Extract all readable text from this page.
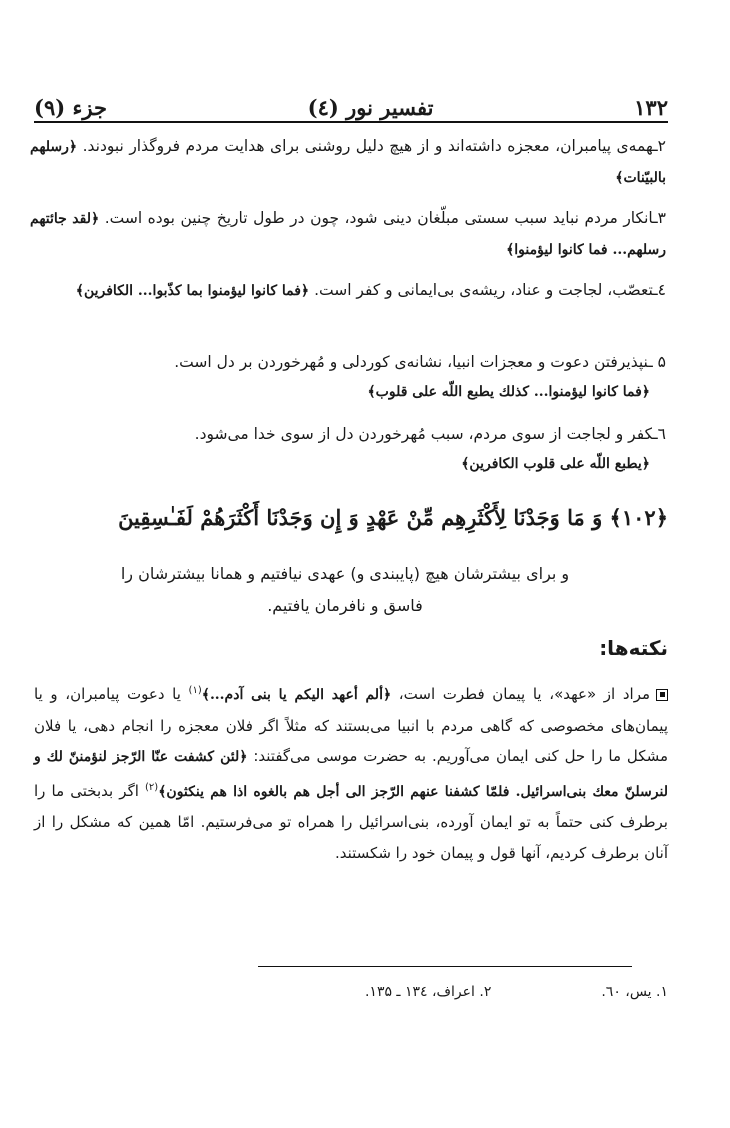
۱۳۲
تفسیر نور (٤)
جزء (۹)
۲ـهمه‌ی پیامبران، معجزه داشته‌اند و از هیچ دلیل روشنی برای هدایت مردم فروگذار نبودند. ﴿رسلهم بالبیّنات﴾
۳ـانکار مردم نباید سبب سستی مبلّغان دینی شود، چون در طول تاریخ چنین بوده است. ﴿لقد جائتهم رسلهم... فما کانوا لیؤمنوا﴾
٤ـتعصّب، لجاجت و عناد، ریشه‌ی بی‌ایمانی و کفر است. ﴿فما کانوا لیؤمنوا بما کذّبوا... الکافرین﴾
۵ ـنپذیرفتن دعوت و معجزات انبیا، نشانه‌ی کوردلی و مُهرخوردن بر دل است.
﴿فما کانوا لیؤمنوا... کذلك یطبع اللّه علی قلوب﴾
٦ـکفر و لجاجت از سوی مردم، سبب مُهرخوردن دل از سوی خدا می‌شود.
﴿یطبع اللّه علی قلوب الکافرین﴾
﴿۱۰۲﴾ وَ مَا وَجَدْنَا لِأَكْثَرِهِم مِّنْ عَهْدٍ وَ إِن وَجَدْنَا أَكْثَرَهُمْ لَفَـٰسِقِينَ
و برای بیشترشان هیچ (پایبندی و) عهدی نیافتیم و همانا بیشترشان را
فاسق و نافرمان یافتیم.
نکته‌ها:
مراد از «عهد»، یا پیمان فطرت است، ﴿ألم أعهد الیکم یا بنی آدم...﴾$^{(۱)}$ یا دعوت پیامبران، و یا پیمان‌های مخصوصی که گاهی مردم با انبیا می‌بستند که مثلاً اگر فلان معجزه را انجام دهی، یا فلان مشکل ما را حل کنی ایمان می‌آوریم. به حضرت موسی می‌گفتند: ﴿لئن کشفت عنّا الرّجز لنؤمننّ لك و لنرسلنّ معك بنی‌اسرائیل. فلمّا کشفنا عنهم الرّجز الی أجل هم بالغوه اذا هم ینکثون﴾$^{(۲)}$ اگر بدبختی ما را برطرف کنی حتماً به تو ایمان آورده، بنی‌اسرائیل را همراه تو می‌فرستیم. امّا همین که مشکل را از آنان برطرف کردیم، آنها قول و پیمان خود را شکستند.
۱. یس، ٦۰.
۲. اعراف، ۱۳٤ ـ ۱۳۵.
